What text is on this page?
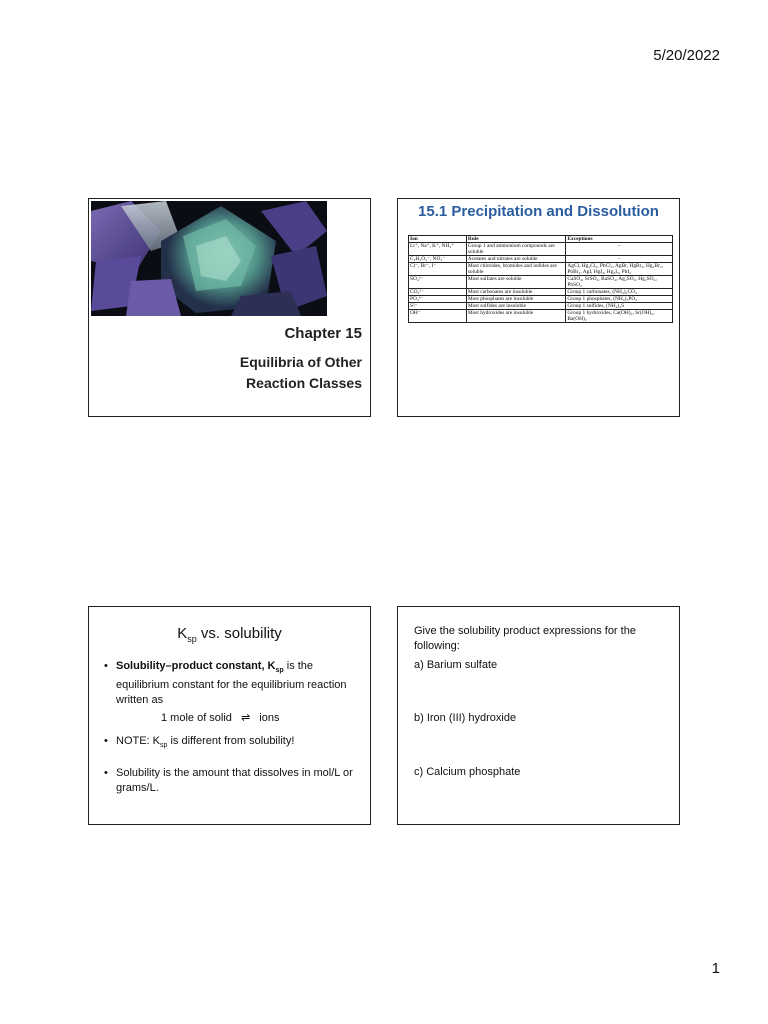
5/20/2022
Chapter 15
Equilibria of Other
Reaction Classes
15.1 Precipitation and Dissolution
Ion	Rule	Exceptions
Li⁺, Na⁺, K⁺, NH₄⁺	Group 1 and ammonium compounds are soluble	–
C₂H₃O₂⁻, NO₃⁻	Acetates and nitrates are soluble	–
Cl⁻, Br⁻, I⁻	Most chlorides, bromides and iodides are soluble	AgCl, Hg₂Cl₂, PbCl₂, AgBr, HgBr₂, Hg₂Br₂, PbBr₂, AgI, HgI₂, Hg₂I₂, PbI₂
SO₄²⁻	Most sulfates are soluble	CaSO₄, SrSO₄, BaSO₄, Ag₂SO₄, Hg₂SO₄, PbSO₄
CO₃²⁻	Most carbonates are insoluble	Group 1 carbonates, (NH₄)₂CO₃
PO₄³⁻	Most phosphates are insoluble	Group 1 phosphates, (NH₄)₃PO₄
S²⁻	Most sulfides are insoluble	Group 1 sulfides, (NH₄)₂S
OH⁻	Most hydroxides are insoluble	Group 1 hydroxides, Ca(OH)₂, Sr(OH)₂, Ba(OH)₂
$K_{sp}$ vs. solubility
• Solubility–product constant, $K_{sp}$ is the equilibrium constant for the equilibrium reaction written as
1 mole of solid ⇌ ions
• NOTE: $K_{sp}$ is different from solubility!
• Solubility is the amount that dissolves in mol/L or grams/L.
Give the solubility product expressions for the following:
a) Barium sulfate
b) Iron (III) hydroxide
c) Calcium phosphate
1
